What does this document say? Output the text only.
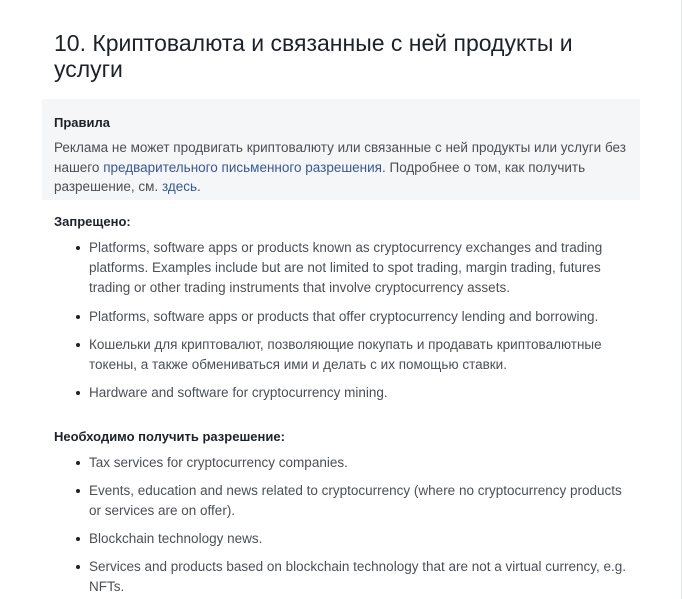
10. Криптовалюта и связанные с ней продукты и услуги
Правила

Реклама не может продвигать криптовалюту или связанные с ней продукты или услуги без нашего предварительного письменного разрешения. Подробнее о том, как получить разрешение, см. здесь.

Запрещено:
Platforms, software apps or products known as cryptocurrency exchanges and trading platforms. Examples include but are not limited to spot trading, margin trading, futures trading or other trading instruments that involve cryptocurrency assets.
Platforms, software apps or products that offer cryptocurrency lending and borrowing.
Кошельки для криптовалют, позволяющие покупать и продавать криптовалютные токены, а также обмениваться ими и делать с их помощью ставки.
Hardware and software for cryptocurrency mining.
Необходимо получить разрешение:
Tax services for cryptocurrency companies.
Events, education and news related to cryptocurrency (where no cryptocurrency products or services are on offer).
Blockchain technology news.
Services and products based on blockchain technology that are not a virtual currency, e.g. NFTs.
